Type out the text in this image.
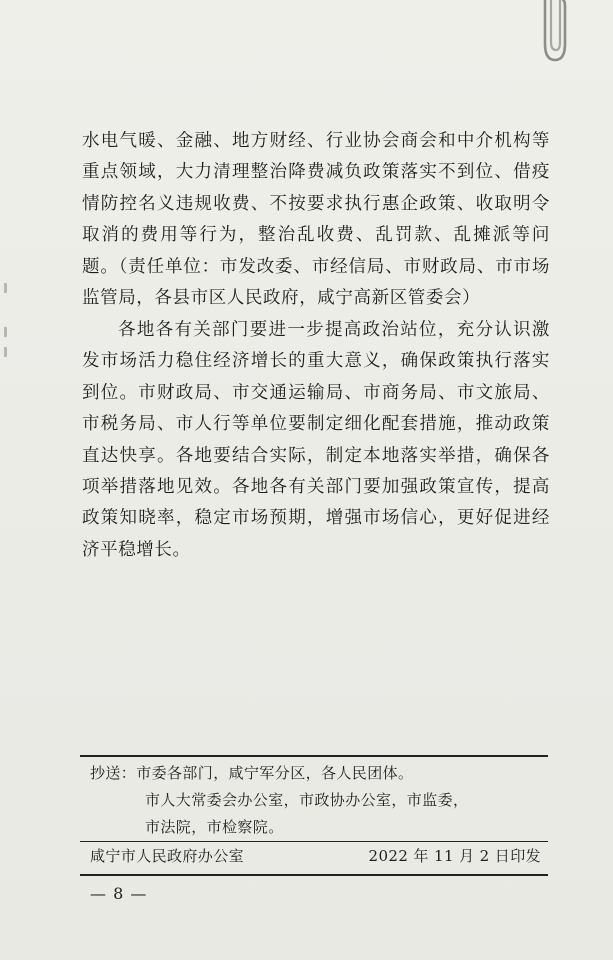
水电气暖、金融、地方财经、行业协会商会和中介机构等重点领域，大力清理整治降费减负政策落实不到位、借疫情防控名义违规收费、不按要求执行惠企政策、收取明令取消的费用等行为，整治乱收费、乱罚款、乱摊派等问题。（责任单位：市发改委、市经信局、市财政局、市市场监管局，各县市区人民政府，咸宁高新区管委会）

各地各有关部门要进一步提高政治站位，充分认识激发市场活力稳住经济增长的重大意义，确保政策执行落实到位。市财政局、市交通运输局、市商务局、市文旅局、市税务局、市人行等单位要制定细化配套措施，推动政策直达快享。各地要结合实际，制定本地落实举措，确保各项举措落地见效。各地各有关部门要加强政策宣传，提高政策知晓率，稳定市场预期，增强市场信心，更好促进经济平稳增长。

抄送：市委各部门，咸宁军分区，各人民团体。
市人大常委会办公室，市政协办公室，市监委，
市法院，市检察院。
咸宁市人民政府办公室	2022 年 11 月 2 日印发
— 8 —
